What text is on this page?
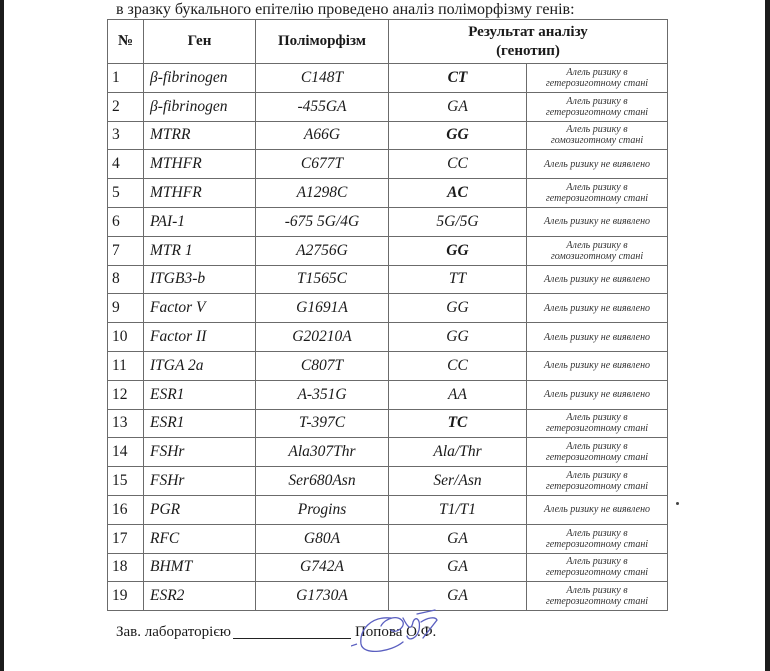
в зразку букального епітелію проведено аналіз поліморфізму генів:
№	Ген	Поліморфізм	Результат аналізу
(генотип)	

1	β-fibrinogen	C148T	CT	Алель ризику в
гетерозиготному стані

2	β-fibrinogen	-455GA	GA	Алель ризику в
гетерозиготному стані

3	MTRR	A66G	GG	Алель ризику в
гомозиготному стані

4	MTHFR	C677T	CC	Алель ризику не виявлено

5	MTHFR	A1298C	AC	Алель ризику в
гетерозиготному стані

6	PAI-1	-675 5G/4G	5G/5G	Алель ризику не виявлено

7	MTR 1	A2756G	GG	Алель ризику в
гомозиготному стані

8	ITGB3-b	T1565C	TT	Алель ризику не виявлено

9	Factor V	G1691A	GG	Алель ризику не виявлено

10	Factor II	G20210A	GG	Алель ризику не виявлено

11	ITGA 2a	C807T	CC	Алель ризику не виявлено

12	ESR1	A-351G	AA	Алель ризику не виявлено

13	ESR1	T-397C	TC	Алель ризику в
гетерозиготному стані

14	FSHr	Ala307Thr	Ala/Thr	Алель ризику в
гетерозиготному стані

15	FSHr	Ser680Asn	Ser/Asn	Алель ризику в
гетерозиготному стані

16	PGR	Progins	T1/T1	Алель ризику не виявлено

17	RFC	G80A	GA	Алель ризику в
гетерозиготному стані

18	BHMT	G742A	GA	Алель ризику в
гетерозиготному стані

19	ESR2	G1730A	GA	Алель ризику в
гетерозиготному стані
Зав. лабораторією	Попова О.Ф.
